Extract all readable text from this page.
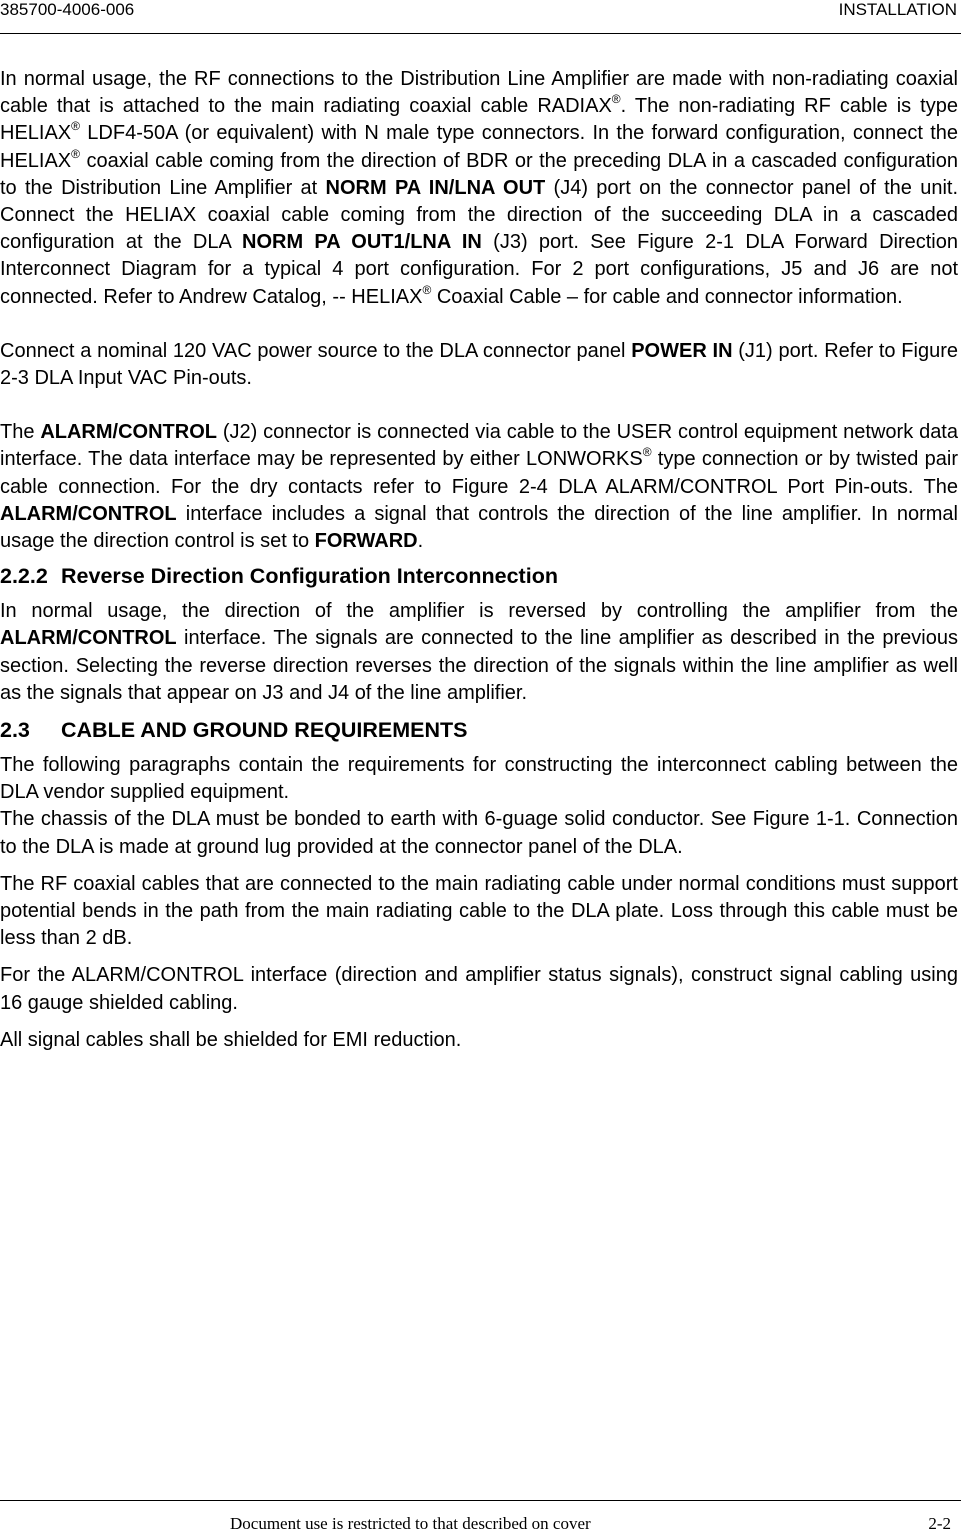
385700-4006-006	INSTALLATION

In normal usage, the RF connections to the Distribution Line Amplifier are made with non-radiating coaxial cable that is attached to the main radiating coaxial cable RADIAX®. The non-radiating RF cable is type HELIAX® LDF4-50A (or equivalent) with N male type connectors. In the forward configuration, connect the HELIAX® coaxial cable coming from the direction of BDR or the preceding DLA in a cascaded configuration to the Distribution Line Amplifier at NORM PA IN/LNA OUT (J4) port on the connector panel of the unit. Connect the HELIAX coaxial cable coming from the direction of the succeeding DLA in a cascaded configuration at the DLA NORM PA OUT1/LNA IN (J3) port. See Figure 2-1 DLA Forward Direction Interconnect Diagram for a typical 4 port configuration. For 2 port configurations, J5 and J6 are not connected. Refer to Andrew Catalog, -- HELIAX® Coaxial Cable – for cable and connector information.

Connect a nominal 120 VAC power source to the DLA connector panel POWER IN (J1) port. Refer to Figure 2-3 DLA Input VAC Pin-outs.

The ALARM/CONTROL (J2) connector is connected via cable to the USER control equipment network data interface. The data interface may be represented by either LONWORKS® type connection or by twisted pair cable connection. For the dry contacts refer to Figure 2-4 DLA ALARM/CONTROL Port Pin-outs. The ALARM/CONTROL interface includes a signal that controls the direction of the line amplifier. In normal usage the direction control is set to FORWARD.

2.2.2 Reverse Direction Configuration Interconnection

In normal usage, the direction of the amplifier is reversed by controlling the amplifier from the ALARM/CONTROL interface. The signals are connected to the line amplifier as described in the previous section. Selecting the reverse direction reverses the direction of the signals within the line amplifier as well as the signals that appear on J3 and J4 of the line amplifier.

2.3 CABLE AND GROUND REQUIREMENTS

The following paragraphs contain the requirements for constructing the interconnect cabling between the DLA vendor supplied equipment.

The chassis of the DLA must be bonded to earth with 6-guage solid conductor. See Figure 1-1. Connection to the DLA is made at ground lug provided at the connector panel of the DLA.

The RF coaxial cables that are connected to the main radiating cable under normal conditions must support potential bends in the path from the main radiating cable to the DLA plate. Loss through this cable must be less than 2 dB.

For the ALARM/CONTROL interface (direction and amplifier status signals), construct signal cabling using 16 gauge shielded cabling.

All signal cables shall be shielded for EMI reduction.

Document use is restricted to that described on cover	2-2
